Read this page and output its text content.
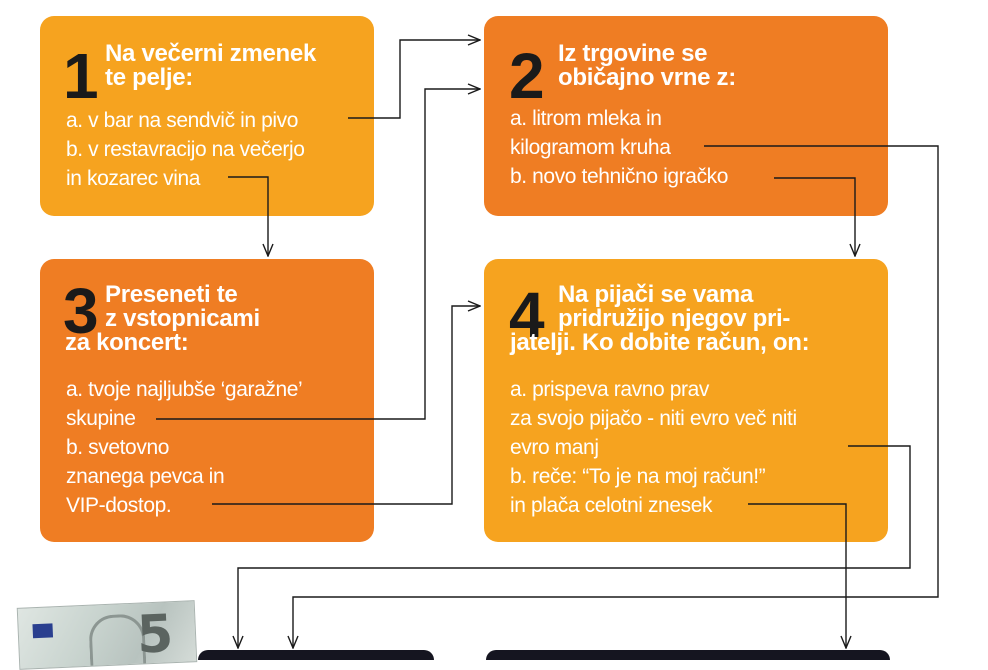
1 Na večerni zmenek
te pelje:
a. v bar na sendvič in pivo
b. v restavracijo na večerjo
in kozarec vina
2 Iz trgovine se
običajno vrne z:
a. litrom mleka in
kilogramom kruha
b. novo tehnično igračko
3 Preseneti te
z vstopnicami
za koncert:
a. tvoje najljubše ‘garažne’
skupine
b. svetovno
znanega pevca in
VIP-dostop.
4 Na pijači se vama
pridružijo njegov pri-
jatelji. Ko dobite račun, on:
a. prispeva ravno prav
za svojo pijačo - niti evro več niti
evro manj
b. reče: “To je na moj račun!”
in plača celotni znesek
5
